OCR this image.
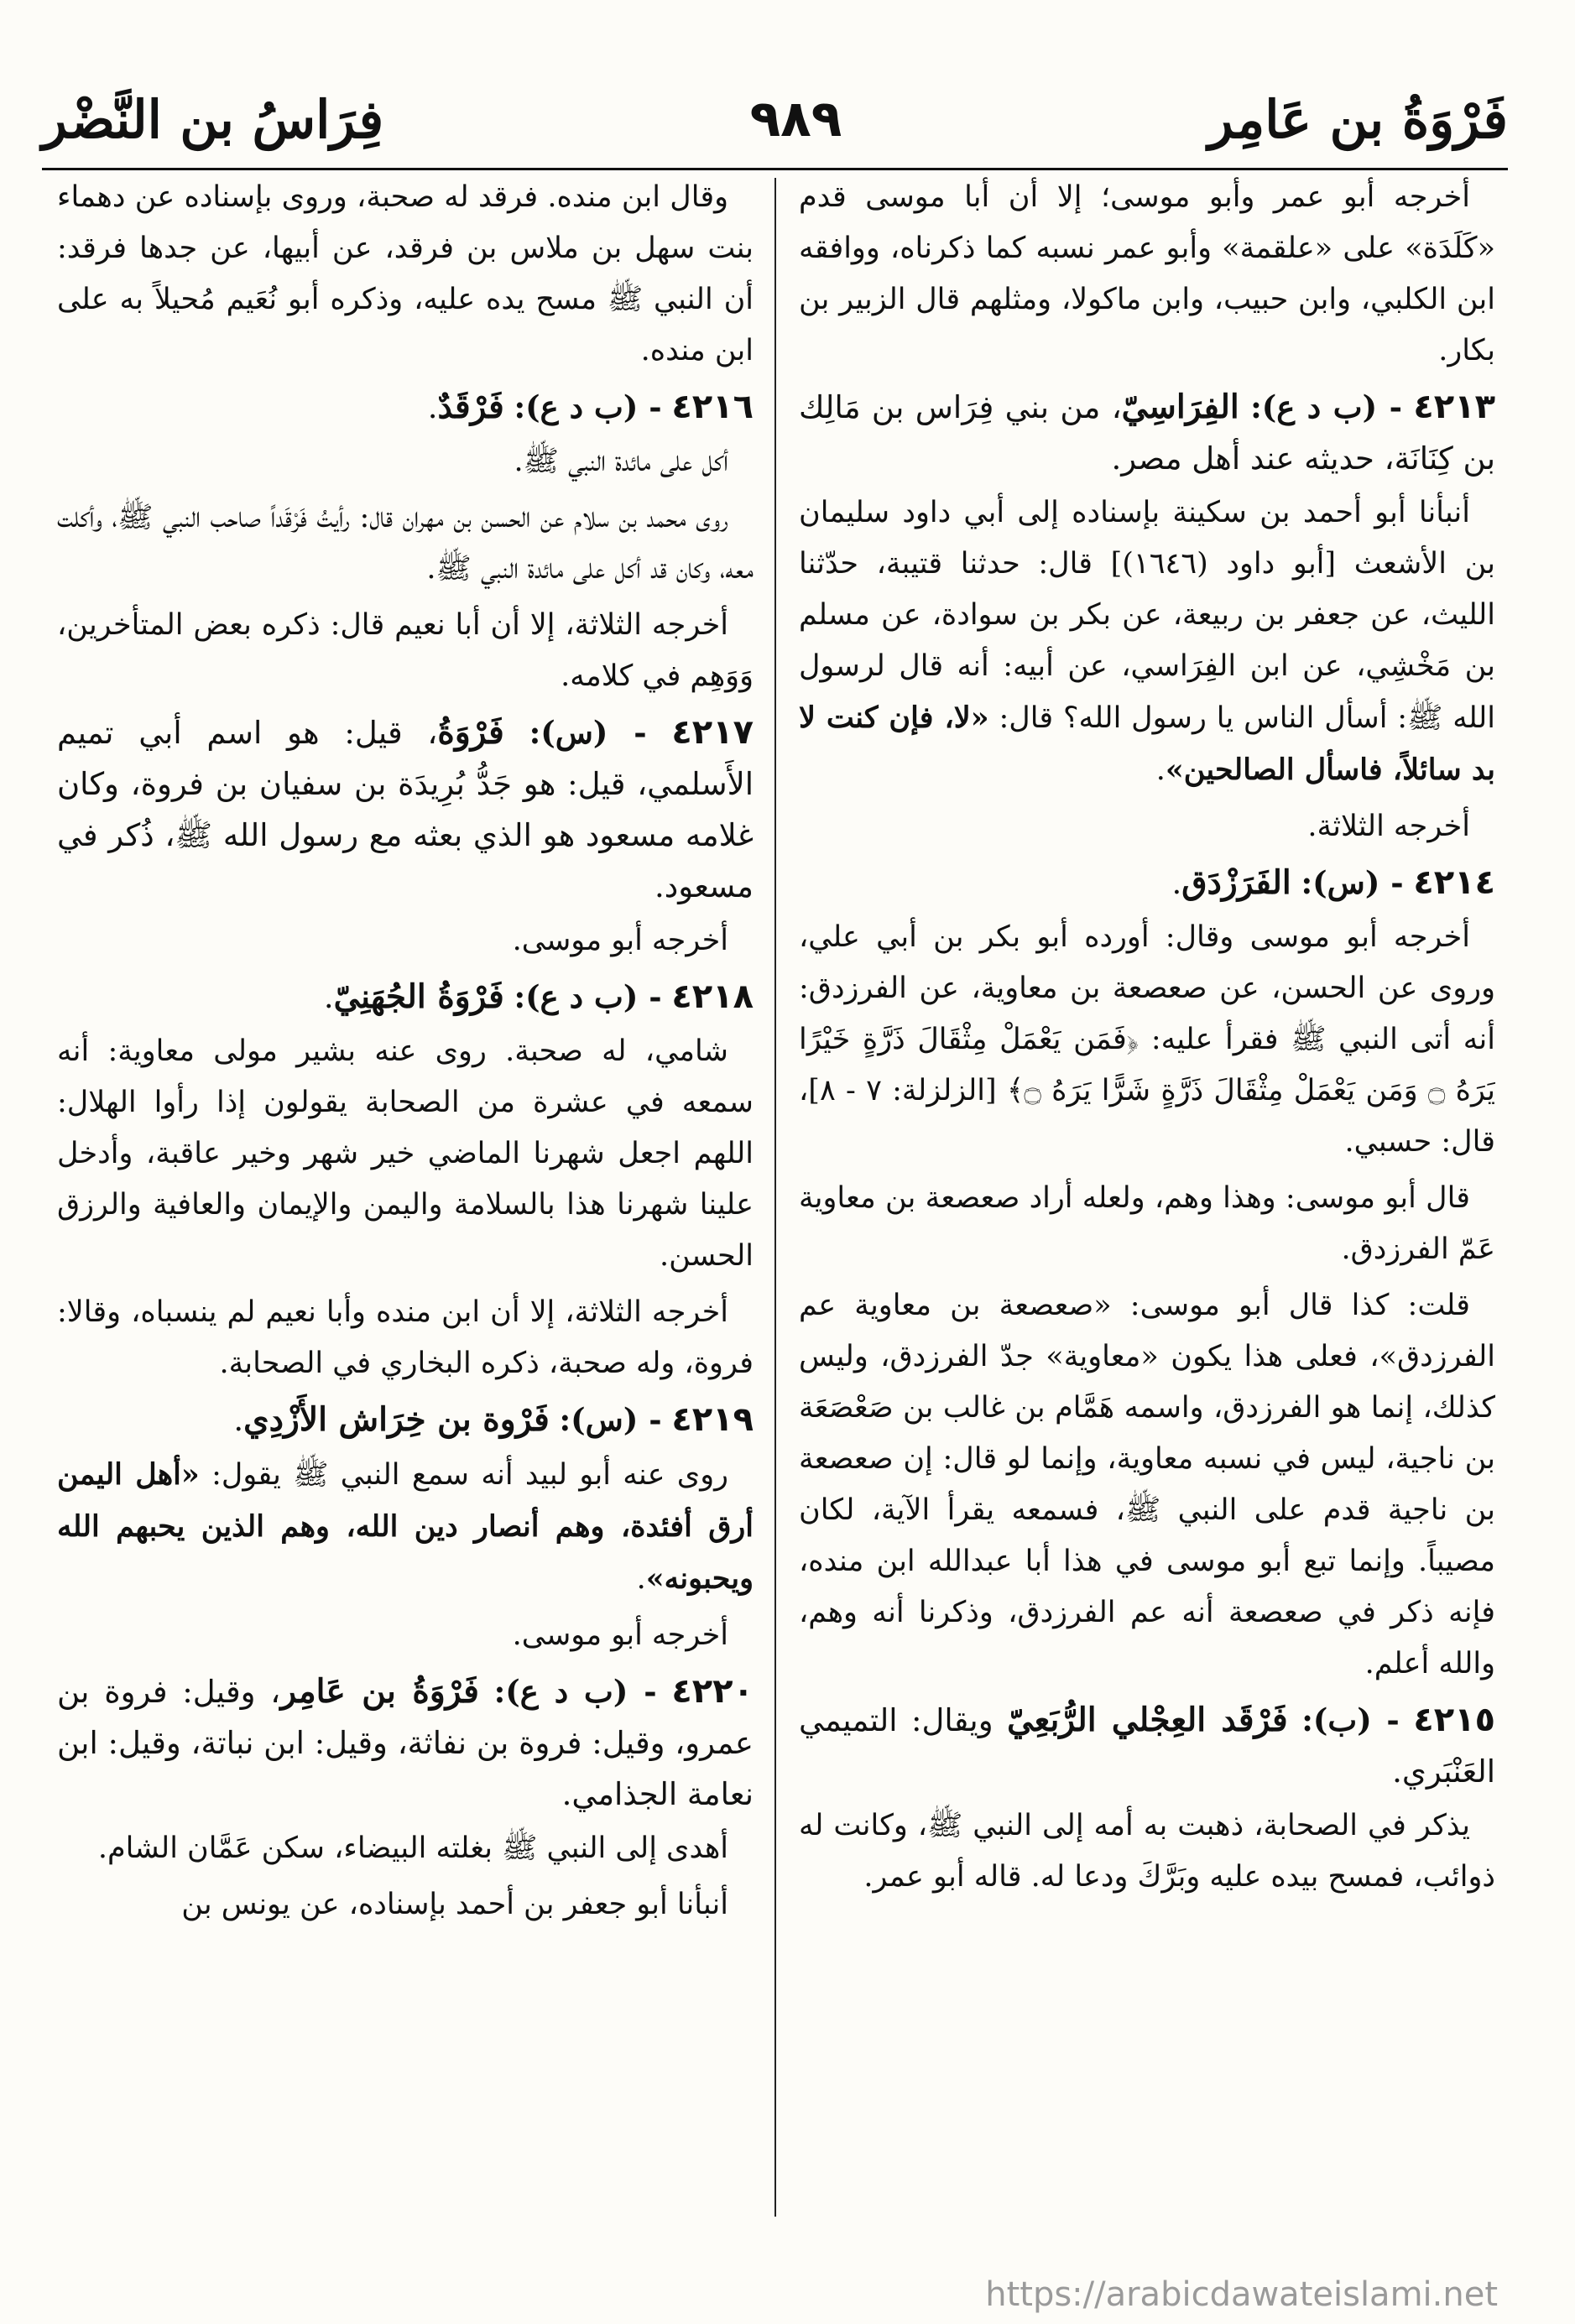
فِرَاسُ بن النَّضْر	٩٨٩	فَرْوَةُ بن عَامِر

أخرجه أبو عمر وأبو موسى؛ إلا أن أبا موسى قدم «كَلَدَة» على «علقمة» وأبو عمر نسبه كما ذكرناه، ووافقه ابن الكلبي، وابن حبيب، وابن ماكولا، ومثلهم قال الزبير بن بكار.

٤٢١٣ - (ب د ع): الفِرَاسِيّ، من بني فِرَاس بن مَالِك بن كِنَانَة، حديثه عند أهل مصر.

أنبأنا أبو أحمد بن سكينة بإسناده إلى أبي داود سليمان بن الأشعث [أبو داود (١٦٤٦)] قال: حدثنا قتيبة، حدّثنا الليث، عن جعفر بن ربيعة، عن بكر بن سوادة، عن مسلم بن مَخْشِي، عن ابن الفِرَاسي، عن أبيه: أنه قال لرسول الله ﷺ: أسأل الناس يا رسول الله؟ قال: «لا، فإن كنت لا بد سائلاً، فاسأل الصالحين».

أخرجه الثلاثة.

٤٢١٤ - (س): الفَرَزْدَق.

أخرجه أبو موسى وقال: أورده أبو بكر بن أبي علي، وروى عن الحسن، عن صعصعة بن معاوية، عن الفرزدق: أنه أتى النبي ﷺ فقرأ عليه: ﴿فَمَن يَعْمَلْ مِثْقَالَ ذَرَّةٍ خَيْرًا يَرَهُ ۝ وَمَن يَعْمَلْ مِثْقَالَ ذَرَّةٍ شَرًّا يَرَهُ ۝﴾ [الزلزلة: ٧ - ٨]، قال: حسبي.

قال أبو موسى: وهذا وهم، ولعله أراد صعصعة بن معاوية عَمّ الفرزدق.

قلت: كذا قال أبو موسى: «صعصعة بن معاوية عم الفرزدق»، فعلى هذا يكون «معاوية» جدّ الفرزدق، وليس كذلك، إنما هو الفرزدق، واسمه هَمَّام بن غالب بن صَعْصَعَة بن ناجية، ليس في نسبه معاوية، وإنما لو قال: إن صعصعة بن ناجية قدم على النبي ﷺ، فسمعه يقرأ الآية، لكان مصيباً. وإنما تبع أبو موسى في هذا أبا عبدالله ابن منده، فإنه ذكر في صعصعة أنه عم الفرزدق، وذكرنا أنه وهم، والله أعلم.

٤٢١٥ - (ب): فَرْقَد العِجْلي الرُّبَعِيّ ويقال: التميمي العَنْبَري.

يذكر في الصحابة، ذهبت به أمه إلى النبي ﷺ، وكانت له ذوائب، فمسح بيده عليه وبَرَّكَ ودعا له. قاله أبو عمر.

وقال ابن منده. فرقد له صحبة، وروى بإسناده عن دهماء بنت سهل بن ملاس بن فرقد، عن أبيها، عن جدها فرقد: أن النبي ﷺ مسح يده عليه، وذكره أبو نُعَيم مُحيلاً به على ابن منده.

٤٢١٦ - (ب د ع): فَرْقَدٌ.

أكل على مائدة النبي ﷺ.

روى محمد بن سلام عن الحسن بن مهران قال: رأيتُ فَرْقَداً صاحب النبي ﷺ، وأكلت معه، وكان قد أكل على مائدة النبي ﷺ.

أخرجه الثلاثة، إلا أن أبا نعيم قال: ذكره بعض المتأخرين، وَوَهِم في كلامه.

٤٢١٧ - (س): فَرْوَةُ، قيل: هو اسم أبي تميم الأَسلمي، قيل: هو جَدُّ بُرِيدَة بن سفيان بن فروة، وكان غلامه مسعود هو الذي بعثه مع رسول الله ﷺ، ذُكر في مسعود.

أخرجه أبو موسى.

٤٢١٨ - (ب د ع): فَرْوَةُ الجُهَنِيّ.

شامي، له صحبة. روى عنه بشير مولى معاوية: أنه سمعه في عشرة من الصحابة يقولون إذا رأوا الهلال: اللهم اجعل شهرنا الماضي خير شهر وخير عاقبة، وأدخل علينا شهرنا هذا بالسلامة واليمن والإيمان والعافية والرزق الحسن.

أخرجه الثلاثة، إلا أن ابن منده وأبا نعيم لم ينسباه، وقالا: فروة، وله صحبة، ذكره البخاري في الصحابة.

٤٢١٩ - (س): فَرْوة بن خِرَاش الأَزْدِي.

روى عنه أبو لبيد أنه سمع النبي ﷺ يقول: «أهل اليمن أرق أفئدة، وهم أنصار دين الله، وهم الذين يحبهم الله ويحبونه».

أخرجه أبو موسى.

٤٢٢٠ - (ب د ع): فَرْوَةُ بن عَامِر، وقيل: فروة بن عمرو، وقيل: فروة بن نفاثة، وقيل: ابن نباتة، وقيل: ابن نعامة الجذامي.

أهدى إلى النبي ﷺ بغلته البيضاء، سكن عَمَّان الشام.

أنبأنا أبو جعفر بن أحمد بإسناده، عن يونس بن

https://arabicdawateislami.net
